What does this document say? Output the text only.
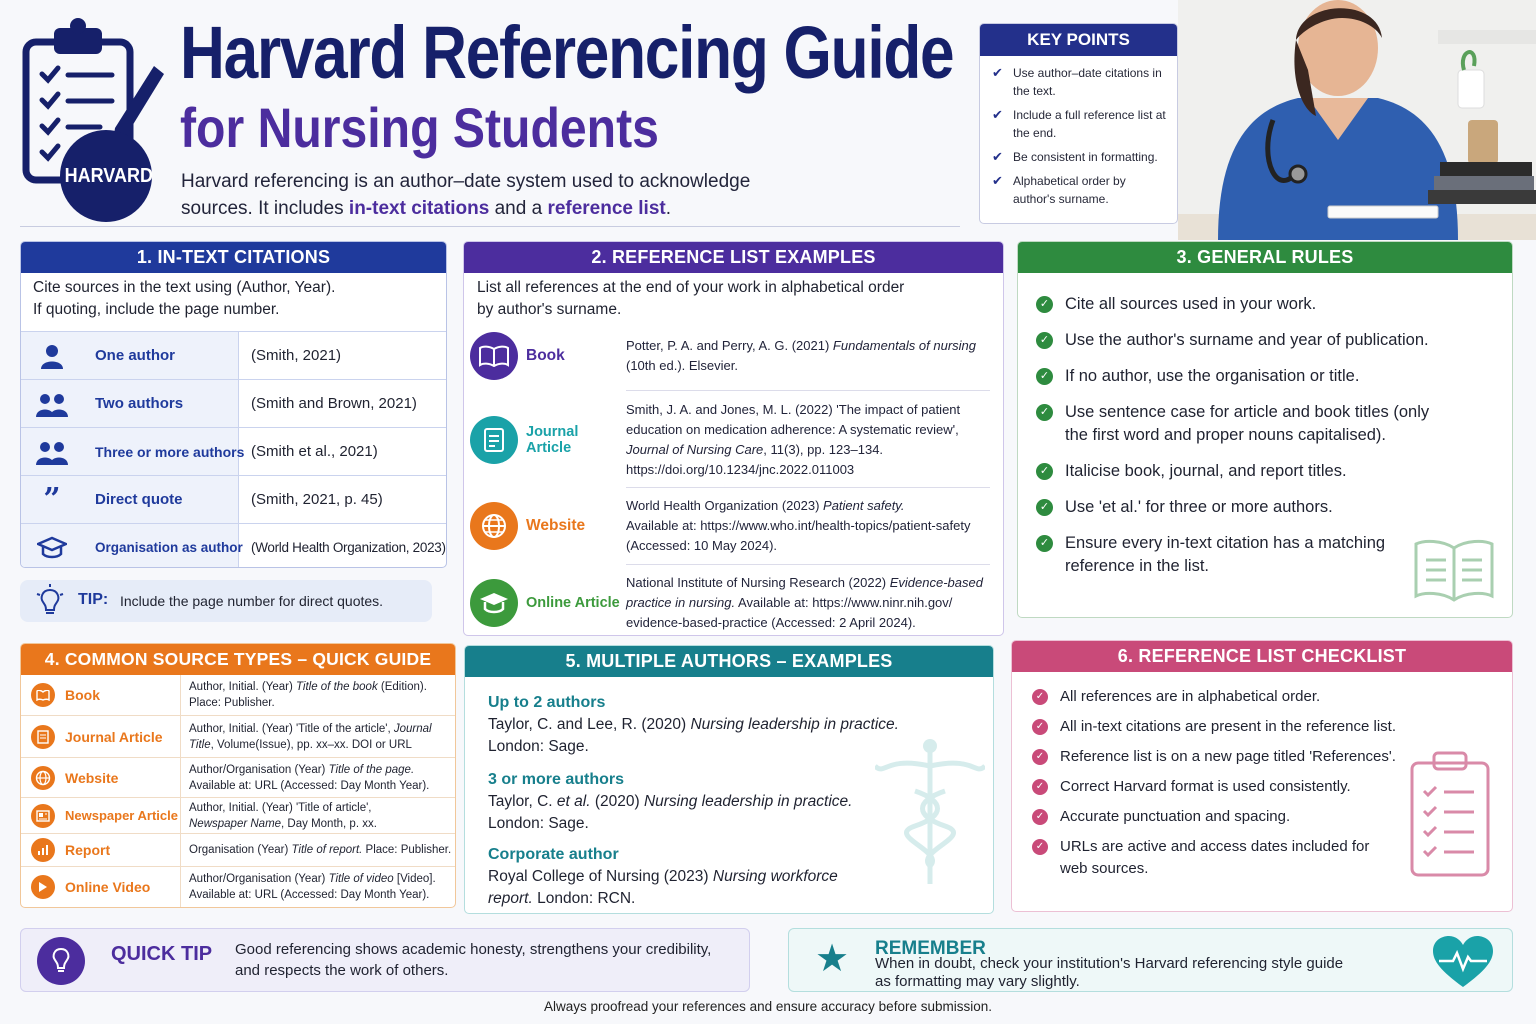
HARVARD
Harvard Referencing Guide
for Nursing Students
Harvard referencing is an author–date system used to acknowledge
sources. It includes in-text citations and a reference list.
KEY POINTS
✔ Use author–date citations in the text.
✔ Include a full reference list at the end.
✔ Be consistent in formatting.
✔ Alphabetical order by author's surname.
1. IN-TEXT CITATIONS
Cite sources in the text using (Author, Year).
If quoting, include the page number.
One author	(Smith, 2021)
Two authors	(Smith and Brown, 2021)
Three or more authors (Smith et al., 2021)
”	Direct quote	(Smith, 2021, p. 45)
Organisation as author (World Health Organization, 2023)
TIP: Include the page number for direct quotes.
2. REFERENCE LIST EXAMPLES
List all references at the end of your work in alphabetical order
by author's surname.
Book
Potter, P. A. and Perry, A. G. (2021) Fundamentals of nursing
(10th ed.). Elsevier.
Journal Article
Smith, J. A. and Jones, M. L. (2022) 'The impact of patient
education on medication adherence: A systematic review',
Journal of Nursing Care, 11(3), pp. 123–134.
https://doi.org/10.1234/jnc.2022.011003
Website
World Health Organization (2023) Patient safety.
Available at: https://www.who.int/health-topics/patient-safety
(Accessed: 10 May 2024).
Online Article
National Institute of Nursing Research (2022) Evidence-based
practice in nursing. Available at: https://www.ninr.nih.gov/
evidence-based-practice (Accessed: 2 April 2024).
3. GENERAL RULES
✓ Cite all sources used in your work.
✓ Use the author's surname and year of publication.
✓ If no author, use the organisation or title.
✓ Use sentence case for article and book titles (only the first word and proper nouns capitalised).
✓ Italicise book, journal, and report titles.
✓ Use 'et al.' for three or more authors.
✓ Ensure every in-text citation has a matching reference in the list.
4. COMMON SOURCE TYPES – QUICK GUIDE
Book	Author, Initial. (Year) Title of the book (Edition).
Place: Publisher.
Journal Article	Author, Initial. (Year) 'Title of the article', Journal
Title, Volume(Issue), pp. xx–xx. DOI or URL
Website	Author/Organisation (Year) Title of the page.
Available at: URL (Accessed: Day Month Year).
Newspaper Article
Author, Initial. (Year) 'Title of article',
Newspaper Name, Day Month, p. xx.
Report	Organisation (Year) Title of report. Place: Publisher.
Online Video	Author/Organisation (Year) Title of video [Video].
Available at: URL (Accessed: Day Month Year).
5. MULTIPLE AUTHORS – EXAMPLES
Up to 2 authors
Taylor, C. and Lee, R. (2020) Nursing leadership in practice.
London: Sage.
3 or more authors
Taylor, C. et al. (2020) Nursing leadership in practice.
London: Sage.
Corporate author
Royal College of Nursing (2023) Nursing workforce
report. London: RCN.
6. REFERENCE LIST CHECKLIST
✓ All references are in alphabetical order.
✓ All in-text citations are present in the reference list.
✓ Reference list is on a new page titled 'References'.
✓ Correct Harvard format is used consistently.
✓ Accurate punctuation and spacing.
✓ URLs are active and access dates included for web sources.
QUICK TIP Good referencing shows academic honesty, strengthens your credibility,
and respects the work of others.	★ REMEMBER
When in doubt, check your institution's Harvard referencing style guide
as formatting may vary slightly.
Always proofread your references and ensure accuracy before submission.
